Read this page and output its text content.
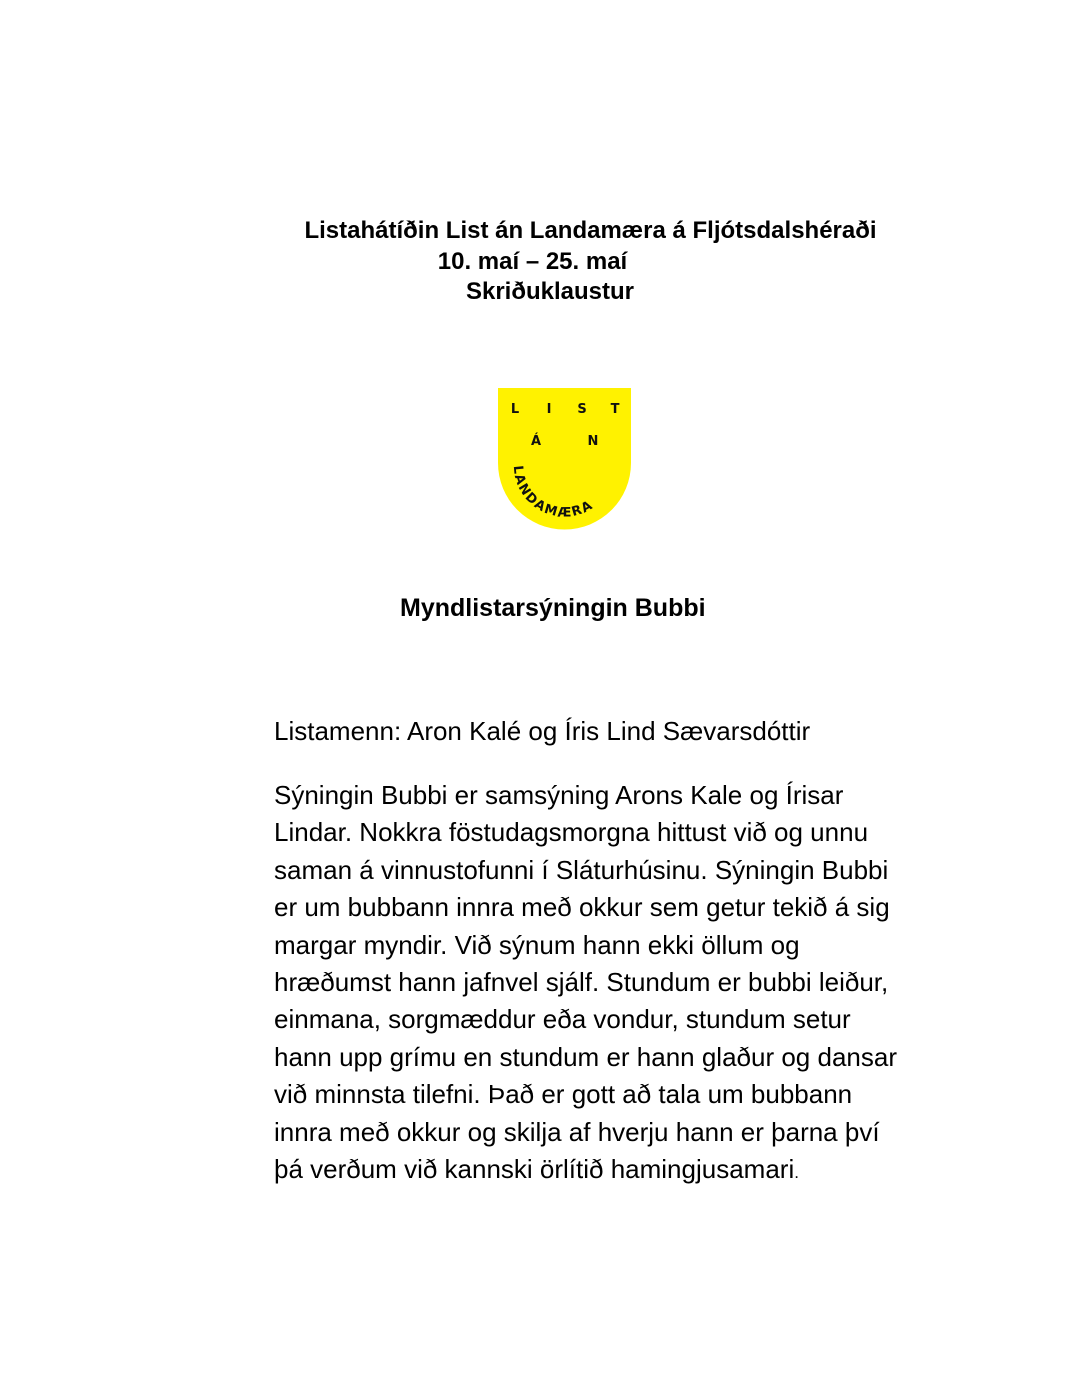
Listahátíðin List án Landamæra á Fljótsdalshéraði
10. maí – 25. maí
Skriðuklaustur
L I S T
Á	N
LANDAMÆRA
Myndlistarsýningin Bubbi
Listamenn: Aron Kalé og Íris Lind Sævarsdóttir
Sýningin Bubbi er samsýning Arons Kale og Írisar
Lindar. Nokkra föstudagsmorgna hittust við og unnu
saman á vinnustofunni í Sláturhúsinu. Sýningin Bubbi
er um bubbann innra með okkur sem getur tekið á sig
margar myndir. Við sýnum hann ekki öllum og
hræðumst hann jafnvel sjálf. Stundum er bubbi leiður,
einmana, sorgmæddur eða vondur, stundum setur
hann upp grímu en stundum er hann glaður og dansar
við minnsta tilefni. Það er gott að tala um bubbann
innra með okkur og skilja af hverju hann er þarna því
þá verðum við kannski örlítið hamingjusamari.
